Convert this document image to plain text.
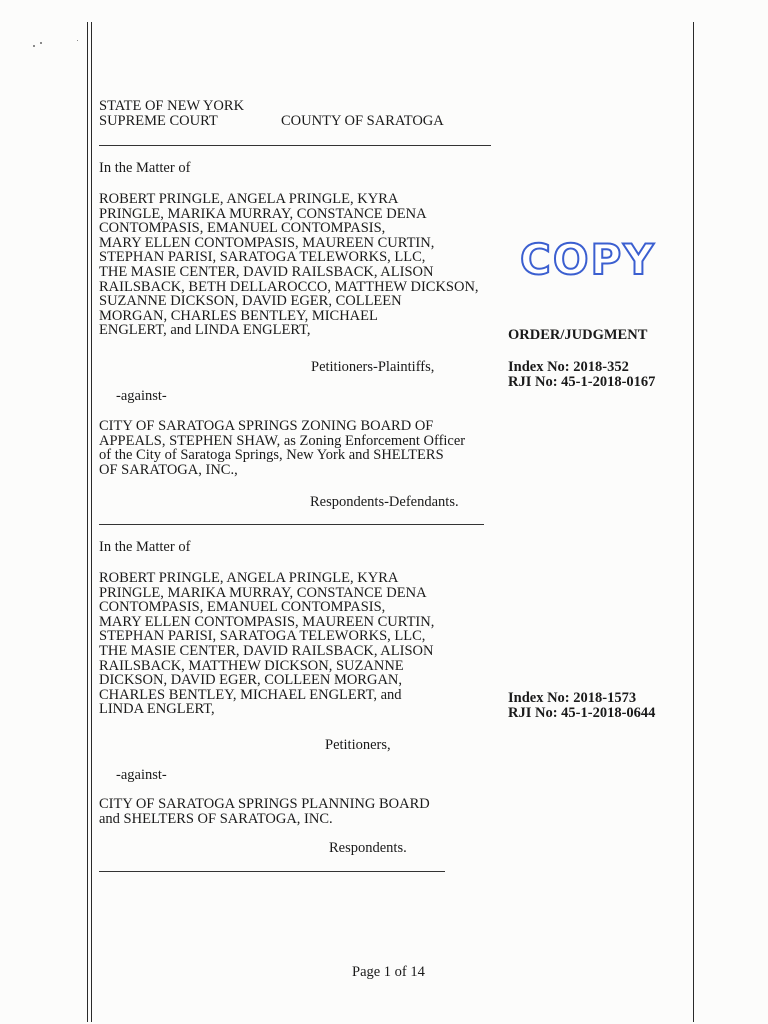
STATE OF NEW YORK
SUPREME COURT	COUNTY OF SARATOGA
In the Matter of
ROBERT PRINGLE, ANGELA PRINGLE, KYRA
PRINGLE, MARIKA MURRAY, CONSTANCE DENA
CONTOMPASIS, EMANUEL CONTOMPASIS,
MARY ELLEN CONTOMPASIS, MAUREEN CURTIN,
STEPHAN PARISI, SARATOGA TELEWORKS, LLC,
THE MASIE CENTER, DAVID RAILSBACK, ALISON
RAILSBACK, BETH DELLAROCCO, MATTHEW DICKSON,
SUZANNE DICKSON, DAVID EGER, COLLEEN
MORGAN, CHARLES BENTLEY, MICHAEL
ENGLERT, and LINDA ENGLERT,
COPY
ORDER/JUDGMENT
Petitioners-Plaintiffs,	Index No: 2018-352
RJI No: 45-1-2018-0167
-against-
CITY OF SARATOGA SPRINGS ZONING BOARD OF
APPEALS, STEPHEN SHAW, as Zoning Enforcement Officer
of the City of Saratoga Springs, New York and SHELTERS
OF SARATOGA, INC.,
Respondents-Defendants.
In the Matter of
ROBERT PRINGLE, ANGELA PRINGLE, KYRA
PRINGLE, MARIKA MURRAY, CONSTANCE DENA
CONTOMPASIS, EMANUEL CONTOMPASIS,
MARY ELLEN CONTOMPASIS, MAUREEN CURTIN,
STEPHAN PARISI, SARATOGA TELEWORKS, LLC,
THE MASIE CENTER, DAVID RAILSBACK, ALISON
RAILSBACK, MATTHEW DICKSON, SUZANNE
DICKSON, DAVID EGER, COLLEEN MORGAN,
CHARLES BENTLEY, MICHAEL ENGLERT, and
LINDA ENGLERT,
Index No: 2018-1573
RJI No: 45-1-2018-0644
Petitioners,
-against-
CITY OF SARATOGA SPRINGS PLANNING BOARD
and SHELTERS OF SARATOGA, INC.
Respondents.
Page 1 of 14
